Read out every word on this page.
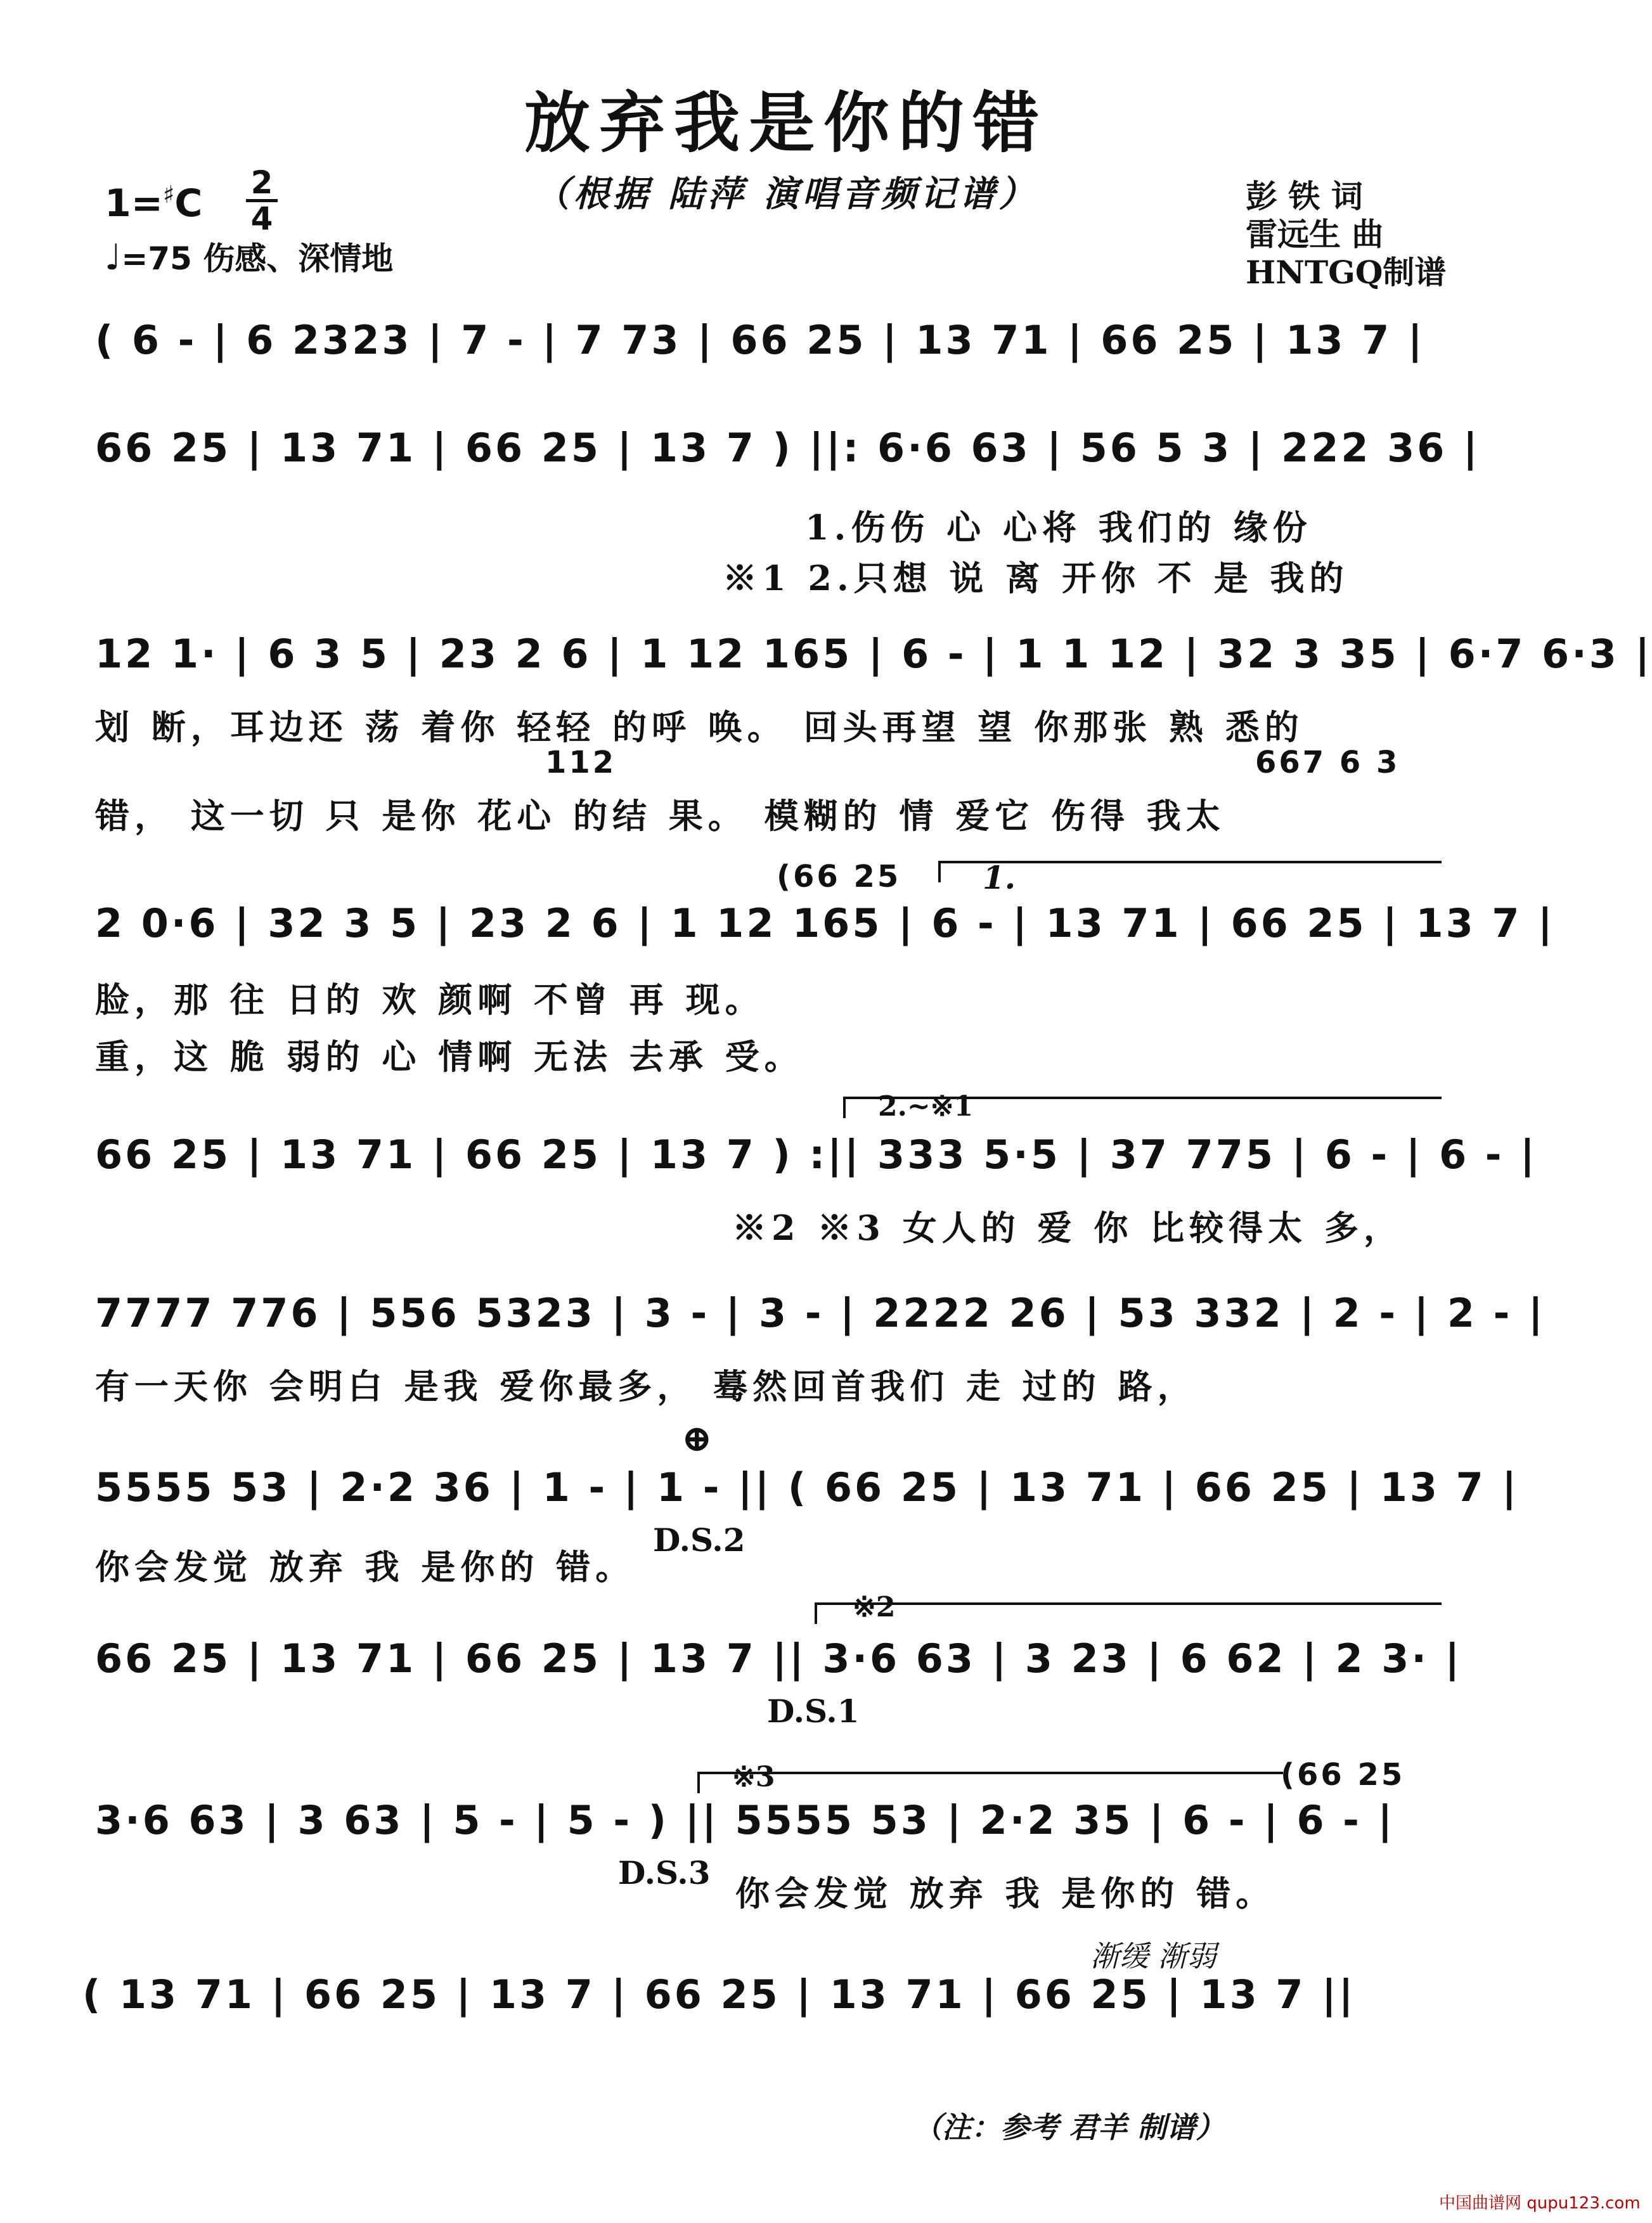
放弃我是你的错
（根据 陆萍 演唱音频记谱）
$1=^♯C \frac{2}{4}$
♩=75 伤感、深情地
彭 铁 词
雷远生 曲
HNTGQ制谱
( 6 - | 6 2323 | 7 - | 7 73 | 66 25 | 13 71 | 66 25 | 13 7 |
66 25 | 13 71 | 66 25 | 13 7 ) ||: 6·6 63 | 56 5 3 | 222 36 |
1.伤伤 心 心将 我们的 缘份
※1 2.只想 说 离 开你 不 是 我的
12 1· | 6 3 5 | 23 2 6 | 1 12 165 | 6 - | 1 1 12 | 32 3 35 | 6·7 6·3 |
划 断，耳边还 荡 着你 轻轻 的呼 唤。 回头再望 望 你那张 熟 悉的
112	667 6 3
错， 这一切 只 是你 花心 的结 果。 模糊的 情 爱它 伤得 我太
(66 25	1.
2 0·6 | 32 3 5 | 23 2 6 | 1 12 165 | 6 - | 13 71 | 66 25 | 13 7 |
脸，那 往 日的 欢 颜啊 不曾 再 现。
重，这 脆 弱的 心 情啊 无法 去承 受。
2.~※1
66 25 | 13 71 | 66 25 | 13 7 ) :|| 333 5·5 | 37 775 | 6 - | 6 - |
※2 ※3 女人的 爱 你 比较得太 多，
7777 776 | 556 5323 | 3 - | 3 - | 2222 26 | 53 332 | 2 - | 2 - |
有一天你 会明白 是我 爱你最多， 蓦然回首我们 走 过的 路，
⊕
5555 53 | 2·2 36 | 1 - | 1 - || ( 66 25 | 13 71 | 66 25 | 13 7 |
你会发觉 放弃 我 是你的 错。
D.S.2
※2
66 25 | 13 71 | 66 25 | 13 7 || 3·6 63 | 3 23 | 6 62 | 2 3· |
D.S.1
※3	(66 25
3·6 63 | 3 63 | 5 - | 5 - ) || 5555 53 | 2·2 35 | 6 - | 6 - |
D.S.3
你会发觉 放弃 我 是你的 错。
渐缓 渐弱
( 13 71 | 66 25 | 13 7 | 66 25 | 13 71 | 66 25 | 13 7 ||
（注：参考 君羊 制谱）
中国曲谱网 qupu123.com
